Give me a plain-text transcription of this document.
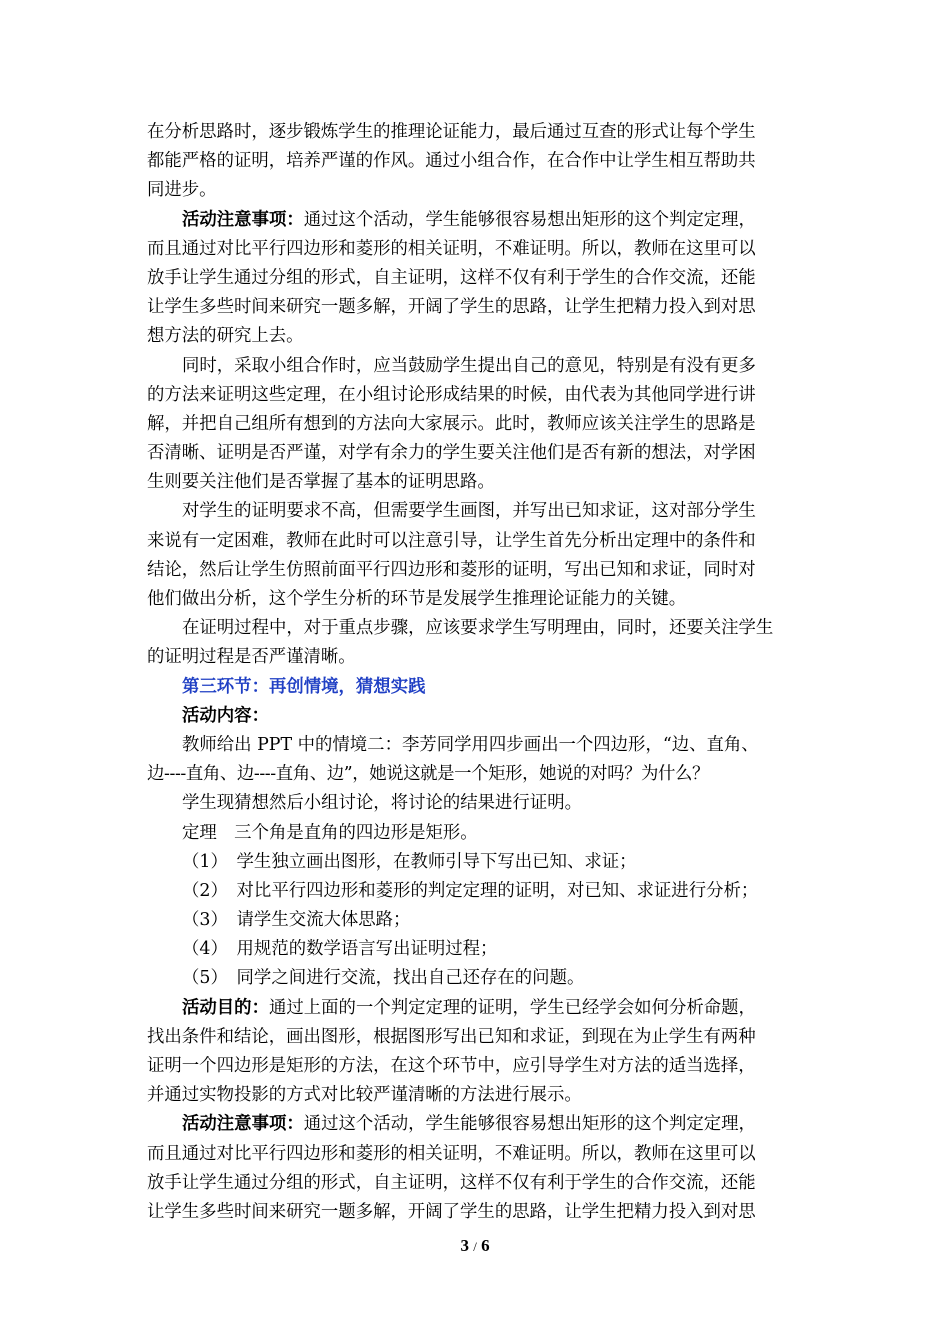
在分析思路时，逐步锻炼学生的推理论证能力，最后通过互查的形式让每个学生
都能严格的证明，培养严谨的作风。通过小组合作，在合作中让学生相互帮助共
同进步。
活动注意事项：通过这个活动，学生能够很容易想出矩形的这个判定定理，
而且通过对比平行四边形和菱形的相关证明，不难证明。所以，教师在这里可以
放手让学生通过分组的形式，自主证明，这样不仅有利于学生的合作交流，还能
让学生多些时间来研究一题多解，开阔了学生的思路，让学生把精力投入到对思
想方法的研究上去。
同时，采取小组合作时，应当鼓励学生提出自己的意见，特别是有没有更多
的方法来证明这些定理，在小组讨论形成结果的时候，由代表为其他同学进行讲
解，并把自己组所有想到的方法向大家展示。此时，教师应该关注学生的思路是
否清晰、证明是否严谨，对学有余力的学生要关注他们是否有新的想法，对学困
生则要关注他们是否掌握了基本的证明思路。
对学生的证明要求不高，但需要学生画图，并写出已知求证，这对部分学生
来说有一定困难，教师在此时可以注意引导，让学生首先分析出定理中的条件和
结论，然后让学生仿照前面平行四边形和菱形的证明，写出已知和求证，同时对
他们做出分析，这个学生分析的环节是发展学生推理论证能力的关键。
在证明过程中，对于重点步骤，应该要求学生写明理由，同时，还要关注学生
的证明过程是否严谨清晰。
第三环节：再创情境，猜想实践
活动内容：
教师给出 PPT 中的情境二：李芳同学用四步画出一个四边形，“边、直角、
边----直角、边----直角、边”，她说这就是一个矩形，她说的对吗？为什么？
学生现猜想然后小组讨论，将讨论的结果进行证明。
定理　三个角是直角的四边形是矩形。
（1）　学生独立画出图形，在教师引导下写出已知、求证；
（2）　对比平行四边形和菱形的判定定理的证明，对已知、求证进行分析；
（3）　请学生交流大体思路；
（4）　用规范的数学语言写出证明过程；
（5）　同学之间进行交流，找出自己还存在的问题。
活动目的：通过上面的一个判定定理的证明，学生已经学会如何分析命题，
找出条件和结论，画出图形，根据图形写出已知和求证，到现在为止学生有两种
证明一个四边形是矩形的方法，在这个环节中，应引导学生对方法的适当选择，
并通过实物投影的方式对比较严谨清晰的方法进行展示。
活动注意事项：通过这个活动，学生能够很容易想出矩形的这个判定定理，
而且通过对比平行四边形和菱形的相关证明，不难证明。所以，教师在这里可以
放手让学生通过分组的形式，自主证明，这样不仅有利于学生的合作交流，还能
让学生多些时间来研究一题多解，开阔了学生的思路，让学生把精力投入到对思
3 / 6
